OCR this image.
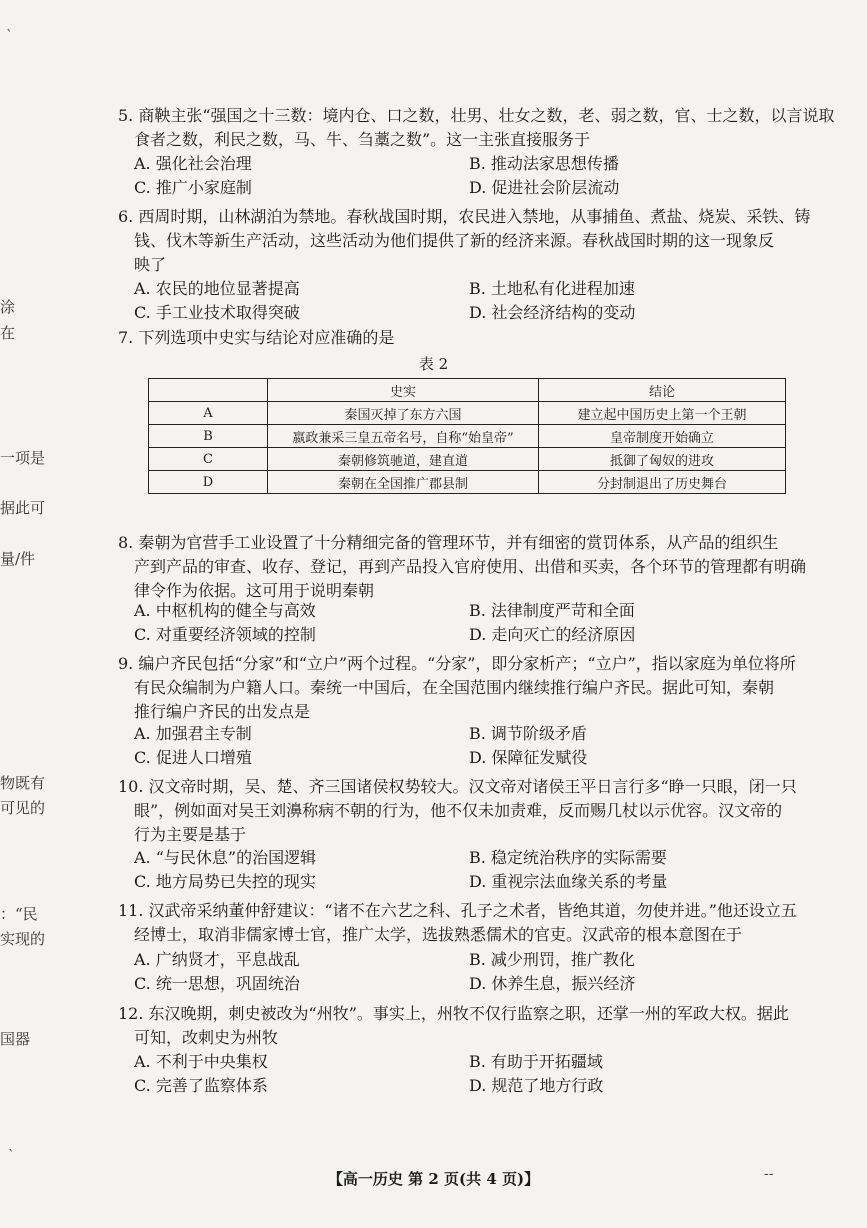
涂
在
一项是
据此可
量/件
物既有
可见的
：“民
实现的
国器
5. 商鞅主张“强国之十三数：境内仓、口之数，壮男、壮女之数，老、弱之数，官、士之数，以言说取
食者之数，利民之数，马、牛、刍藁之数”。这一主张直接服务于
A. 强化社会治理	B. 推动法家思想传播
C. 推广小家庭制	D. 促进社会阶层流动
6. 西周时期，山林湖泊为禁地。春秋战国时期，农民进入禁地，从事捕鱼、煮盐、烧炭、采铁、铸
钱、伐木等新生产活动，这些活动为他们提供了新的经济来源。春秋战国时期的这一现象反
映了
A. 农民的地位显著提高	B. 土地私有化进程加速
C. 手工业技术取得突破	D. 社会经济结构的变动
7. 下列选项中史实与结论对应准确的是
表 2
	史实	结论
A	秦国灭掉了东方六国	建立起中国历史上第一个王朝
B	嬴政兼采三皇五帝名号，自称“始皇帝”	皇帝制度开始确立
C	秦朝修筑驰道，建直道	抵御了匈奴的进攻
D	秦朝在全国推广郡县制	分封制退出了历史舞台
8. 秦朝为官营手工业设置了十分精细完备的管理环节，并有细密的赏罚体系，从产品的组织生
产到产品的审查、收存、登记，再到产品投入官府使用、出借和买卖，各个环节的管理都有明确
律令作为依据。这可用于说明秦朝
A. 中枢机构的健全与高效	B. 法律制度严苛和全面
C. 对重要经济领域的控制	D. 走向灭亡的经济原因
9. 编户齐民包括“分家”和“立户”两个过程。“分家”，即分家析产；“立户”，指以家庭为单位将所
有民众编制为户籍人口。秦统一中国后，在全国范围内继续推行编户齐民。据此可知，秦朝
推行编户齐民的出发点是
A. 加强君主专制	B. 调节阶级矛盾
C. 促进人口增殖	D. 保障征发赋役
10. 汉文帝时期，吴、楚、齐三国诸侯权势较大。汉文帝对诸侯王平日言行多“睁一只眼，闭一只
眼”，例如面对吴王刘濞称病不朝的行为，他不仅未加责难，反而赐几杖以示优容。汉文帝的
行为主要是基于
A. “与民休息”的治国逻辑	B. 稳定统治秩序的实际需要
C. 地方局势已失控的现实	D. 重视宗法血缘关系的考量
11. 汉武帝采纳董仲舒建议：“诸不在六艺之科、孔子之术者，皆绝其道，勿使并进。”他还设立五
经博士，取消非儒家博士官，推广太学，选拔熟悉儒术的官吏。汉武帝的根本意图在于
A. 广纳贤才，平息战乱	B. 减少刑罚，推广教化
C. 统一思想，巩固统治	D. 休养生息，振兴经济
12. 东汉晚期，刺史被改为“州牧”。事实上，州牧不仅行监察之职，还掌一州的军政大权。据此
可知，改刺史为州牧
A. 不利于中央集权	B. 有助于开拓疆域
C. 完善了监察体系	D. 规范了地方行政
【高一历史 第 2 页(共 4 页)】
`
`
--
